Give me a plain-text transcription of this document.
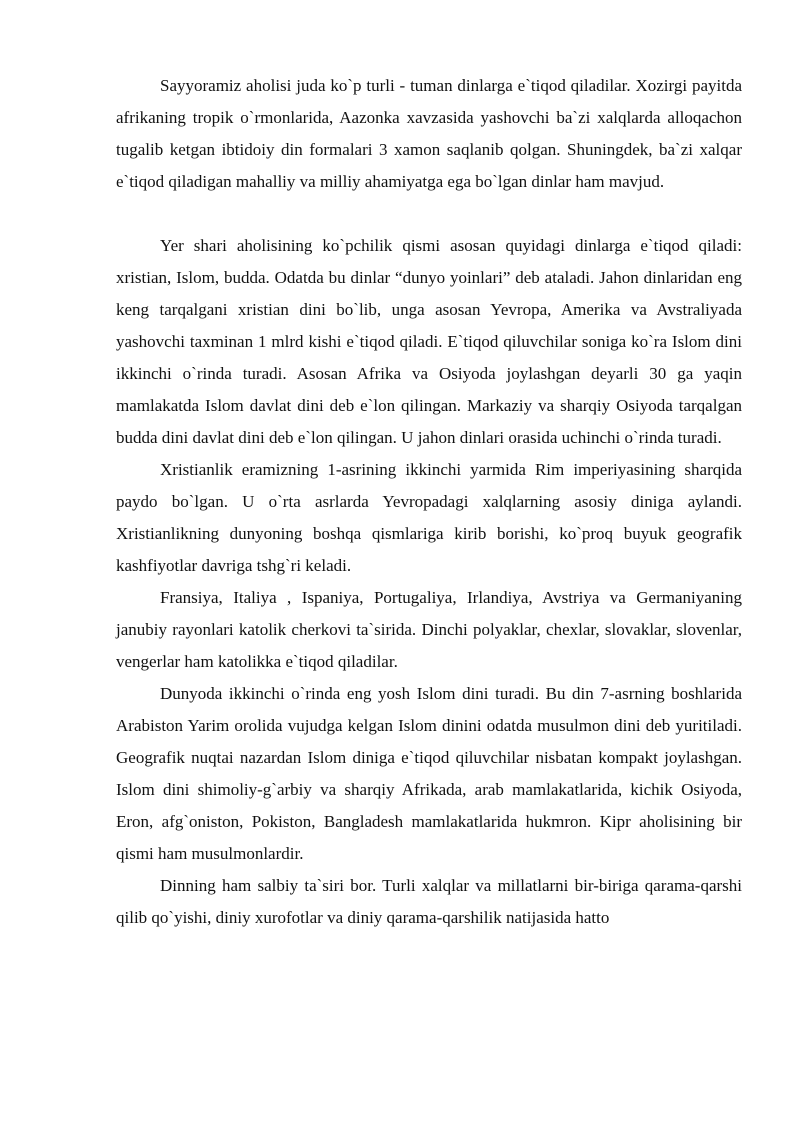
Sayyoramiz aholisi juda ko`p turli - tuman dinlarga e`tiqod qiladilar. Xozirgi payitda afrikaning tropik o`rmonlarida, Aazonka xavzasida yashovchi ba`zi xalqlarda alloqachon tugalib ketgan ibtidoiy din formalari 3 xamon saqlanib qolgan. Shuningdek, ba`zi xalqar e`tiqod qiladigan mahalliy va milliy ahamiyatga ega bo`lgan dinlar ham mavjud.

Yer shari aholisining ko`pchilik qismi asosan quyidagi dinlarga e`tiqod qiladi: xristian, Islom, budda. Odatda bu dinlar “dunyo yoinlari” deb ataladi. Jahon dinlaridan eng keng tarqalgani xristian dini bo`lib, unga asosan Yevropa, Amerika va Avstraliyada yashovchi taxminan 1 mlrd kishi e`tiqod qiladi. E`tiqod qiluvchilar soniga ko`ra Islom dini ikkinchi o`rinda turadi. Asosan Afrika va Osiyoda joylashgan deyarli 30 ga yaqin mamlakatda Islom davlat dini deb e`lon qilingan. Markaziy va sharqiy Osiyoda tarqalgan budda dini davlat dini deb e`lon qilingan. U jahon dinlari orasida uchinchi o`rinda turadi.

Xristianlik eramizning 1-asrining ikkinchi yarmida Rim imperiyasining sharqida paydo bo`lgan. U o`rta asrlarda Yevropadagi xalqlarning asosiy diniga aylandi. Xristianlikning dunyoning boshqa qismlariga kirib borishi, ko`proq buyuk geografik kashfiyotlar davriga tshg`ri keladi.

Fransiya, Italiya , Ispaniya, Portugaliya, Irlandiya, Avstriya va Germaniyaning janubiy rayonlari katolik cherkovi ta`sirida. Dinchi polyaklar, chexlar, slovaklar, slovenlar, vengerlar ham katolikka e`tiqod qiladilar.

Dunyoda ikkinchi o`rinda eng yosh Islom dini turadi. Bu din 7-asrning boshlarida Arabiston Yarim orolida vujudga kelgan Islom dinini odatda musulmon dini deb yuritiladi. Geografik nuqtai nazardan Islom diniga e`tiqod qiluvchilar nisbatan kompakt joylashgan. Islom dini shimoliy-g`arbiy va sharqiy Afrikada, arab mamlakatlarida, kichik Osiyoda, Eron, afg`oniston, Pokiston, Bangladesh mamlakatlarida hukmron. Kipr aholisining bir qismi ham musulmonlardir.

Dinning ham salbiy ta`siri bor. Turli xalqlar va millatlarni bir-biriga qarama-qarshi qilib qo`yishi, diniy xurofotlar va diniy qarama-qarshilik natijasida hatto
